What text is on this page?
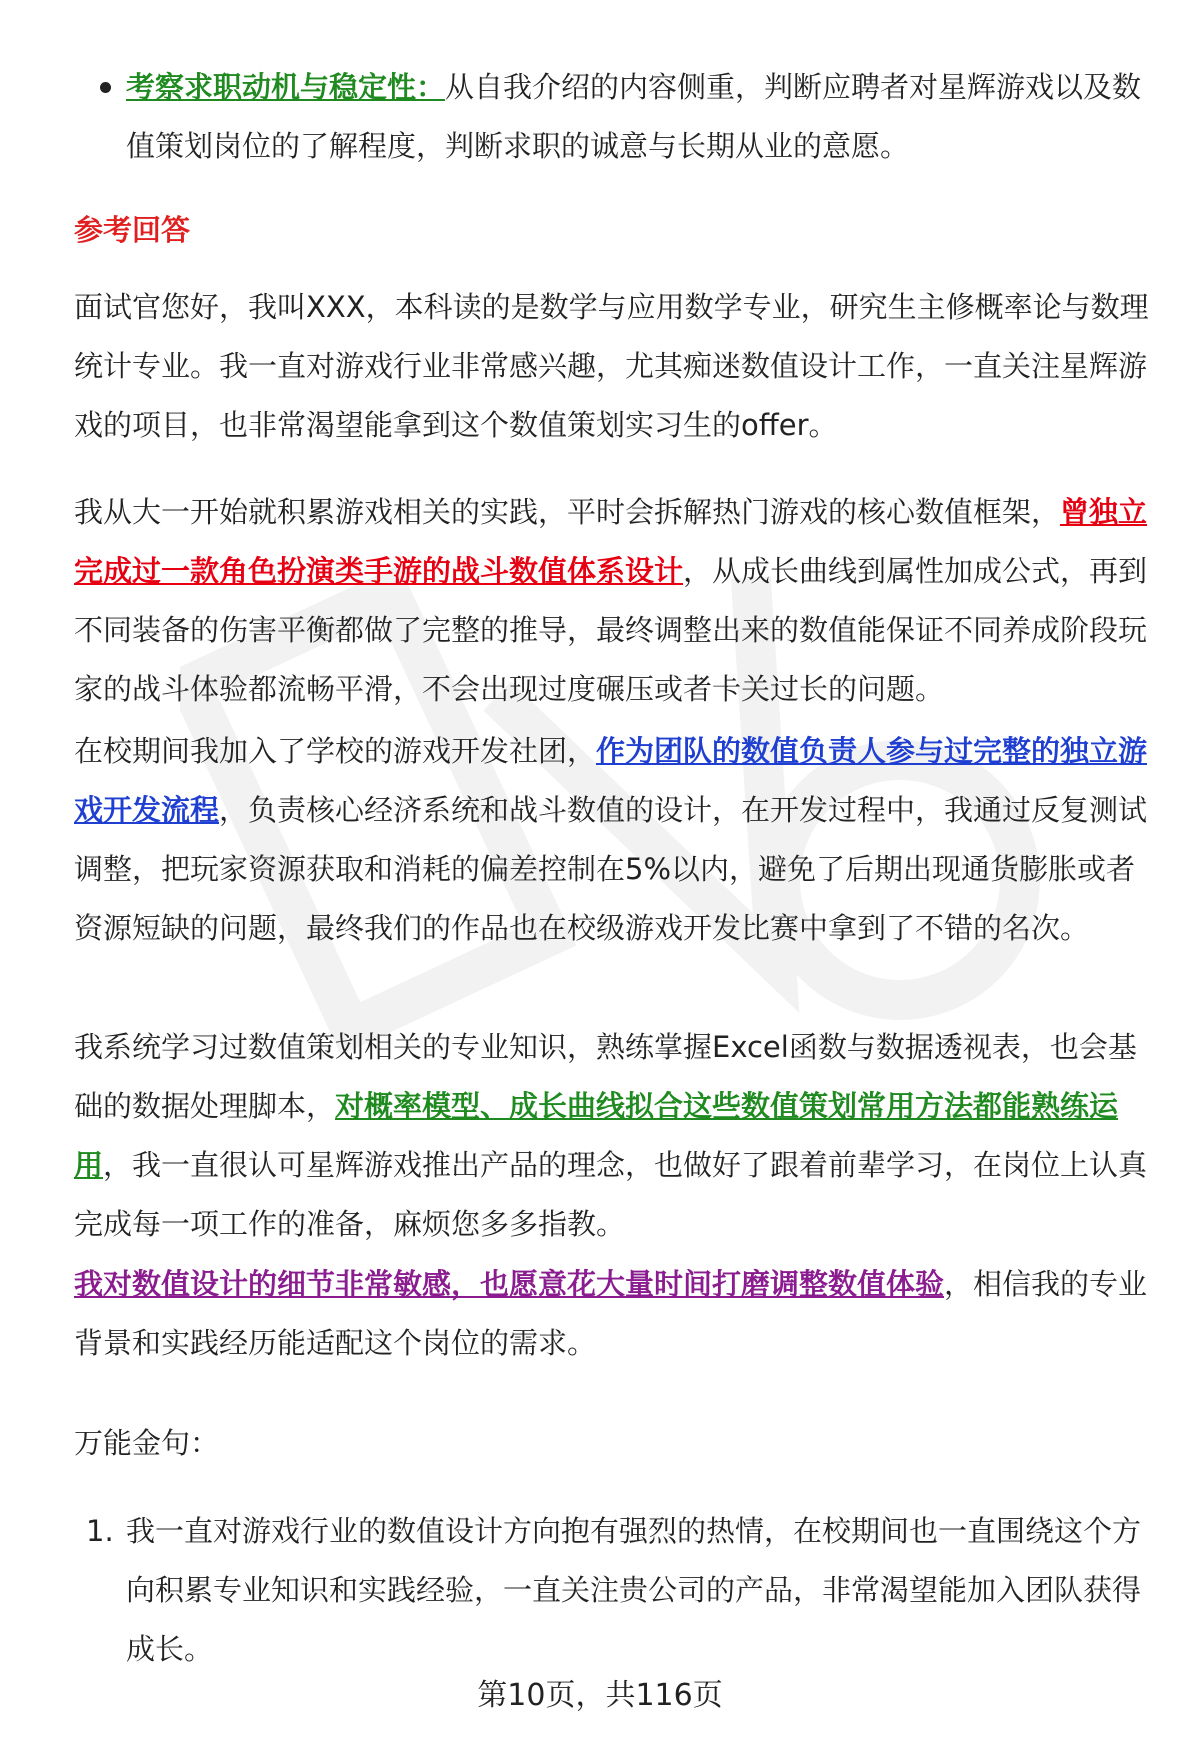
考察求职动机与稳定性：从自我介绍的内容侧重，判断应聘者对星辉游戏以及数值策划岗位的了解程度，判断求职的诚意与长期从业的意愿。

参考回答

面试官您好，我叫XXX，本科读的是数学与应用数学专业，研究生主修概率论与数理统计专业。我一直对游戏行业非常感兴趣，尤其痴迷数值设计工作，一直关注星辉游戏的项目，也非常渴望能拿到这个数值策划实习生的offer。

我从大一开始就积累游戏相关的实践，平时会拆解热门游戏的核心数值框架，曾独立完成过一款角色扮演类手游的战斗数值体系设计，从成长曲线到属性加成公式，再到不同装备的伤害平衡都做了完整的推导，最终调整出来的数值能保证不同养成阶段玩家的战斗体验都流畅平滑，不会出现过度碾压或者卡关过长的问题。

在校期间我加入了学校的游戏开发社团，作为团队的数值负责人参与过完整的独立游戏开发流程，负责核心经济系统和战斗数值的设计，在开发过程中，我通过反复测试调整，把玩家资源获取和消耗的偏差控制在5%以内，避免了后期出现通货膨胀或者资源短缺的问题，最终我们的作品也在校级游戏开发比赛中拿到了不错的名次。

我系统学习过数值策划相关的专业知识，熟练掌握Excel函数与数据透视表，也会基础的数据处理脚本，对概率模型、成长曲线拟合这些数值策划常用方法都能熟练运用，我一直很认可星辉游戏推出产品的理念，也做好了跟着前辈学习，在岗位上认真完成每一项工作的准备，麻烦您多多指教。

我对数值设计的细节非常敏感，也愿意花大量时间打磨调整数值体验，相信我的专业背景和实践经历能适配这个岗位的需求。

万能金句：

1. 我一直对游戏行业的数值设计方向抱有强烈的热情，在校期间也一直围绕这个方向积累专业知识和实践经验，一直关注贵公司的产品，非常渴望能加入团队获得成长。
第10页，共116页
